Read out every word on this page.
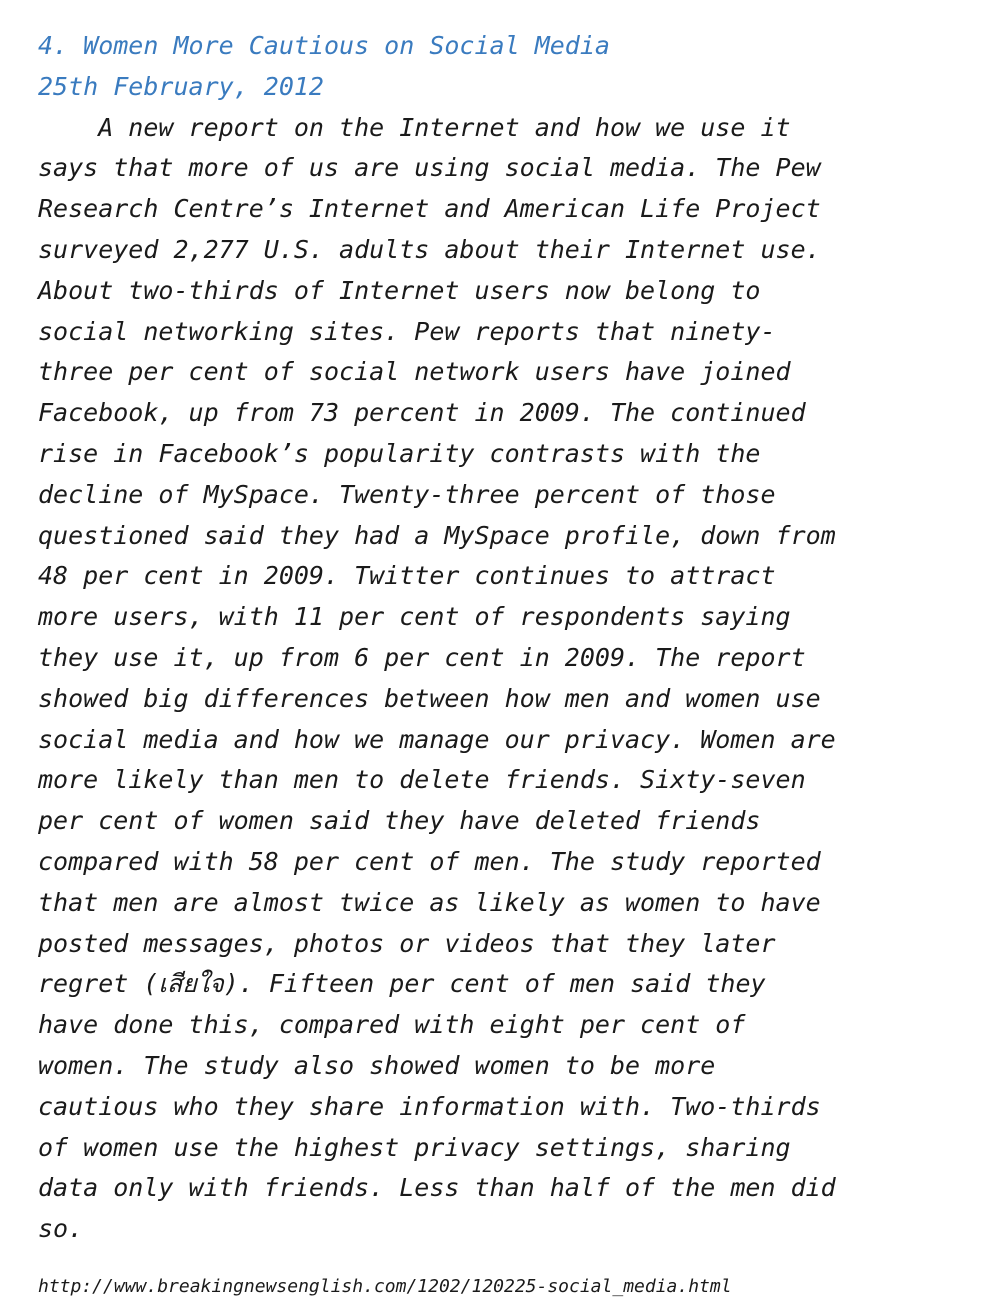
4. Women More Cautious on Social Media
25th February, 2012
A new report on the Internet and how we use it
says that more of us are using social media. The Pew
Research Centre’s Internet and American Life Project
surveyed 2,277 U.S. adults about their Internet use.
About two-thirds of Internet users now belong to
social networking sites. Pew reports that ninety-
three per cent of social network users have joined
Facebook, up from 73 percent in 2009. The continued
rise in Facebook’s popularity contrasts with the
decline of MySpace. Twenty-three percent of those
questioned said they had a MySpace profile, down from
48 per cent in 2009. Twitter continues to attract
more users, with 11 per cent of respondents saying
they use it, up from 6 per cent in 2009. The report
showed big differences between how men and women use
social media and how we manage our privacy. Women are
more likely than men to delete friends. Sixty-seven
per cent of women said they have deleted friends
compared with 58 per cent of men. The study reported
that men are almost twice as likely as women to have
posted messages, photos or videos that they later
regret (เสียใจ). Fifteen per cent of men said they
have done this, compared with eight per cent of
women. The study also showed women to be more
cautious who they share information with. Two-thirds
of women use the highest privacy settings, sharing
data only with friends. Less than half of the men did
so.
http://www.breakingnewsenglish.com/1202/120225-social_media.html
